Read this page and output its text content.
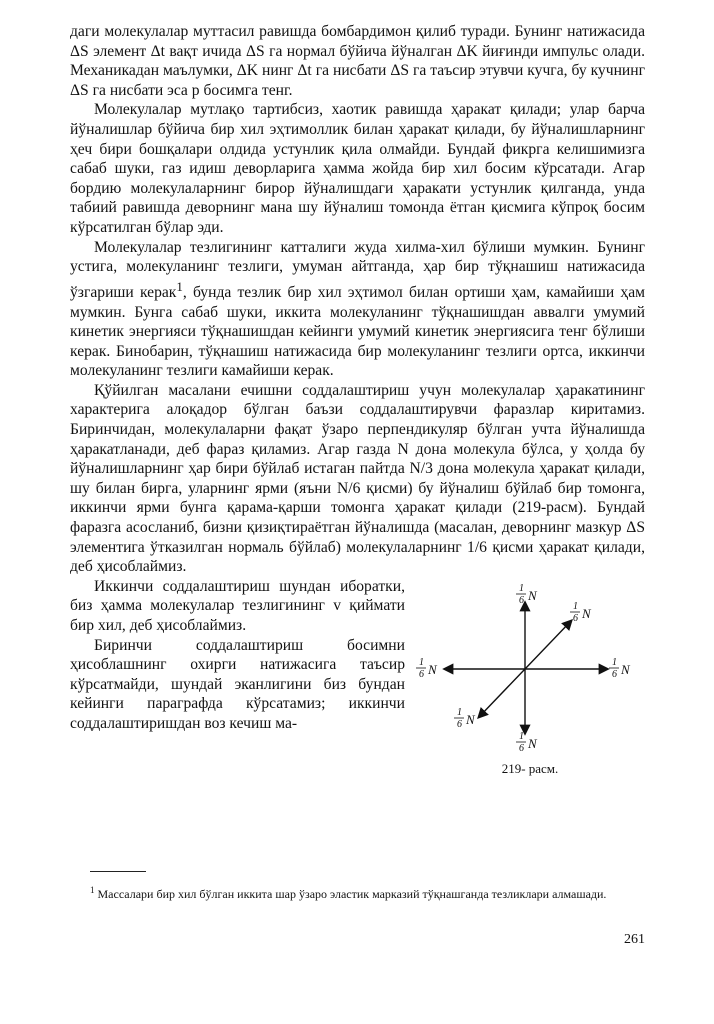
даги молекулалар муттасил равишда бомбардимон қилиб туради. Бунинг натижасида ΔS элемент Δt вақт ичида ΔS га нормал бўйича йўналган ΔK йиғинди импульс олади. Механикадан маълумки, ΔK нинг Δt га нисбати ΔS га таъсир этувчи кучга, бу кучнинг ΔS га нисбати эса p босимга тенг.

Молекулалар мутлақо тартибсиз, хаотик равишда ҳаракат қилади; улар барча йўналишлар бўйича бир хил эҳтимоллик билан ҳаракат қилади, бу йўналишларнинг ҳеч бири бошқалари олдида устунлик қила олмайди. Бундай фикрга келишимизга сабаб шуки, газ идиш деворларига ҳамма жойда бир хил босим кўрсатади. Агар бордию молекулаларнинг бирор йўналишдаги ҳаракати устунлик қилганда, унда табиий равишда деворнинг мана шу йўналиш томонда ётган қисмига кўпроқ босим кўрсатилган бўлар эди.

Молекулалар тезлигининг катталиги жуда хилма-хил бўлиши мумкин. Бунинг устига, молекуланинг тезлиги, умуман айтганда, ҳар бир тўқнашиш натижасида ўзгариши керак$^1$, бунда тезлик бир хил эҳтимол билан ортиши ҳам, камайиши ҳам мумкин. Бунга сабаб шуки, иккита молекуланинг тўқнашишдан аввалги умумий кинетик энергияси тўқнашишдан кейинги умумий кинетик энергиясига тенг бўлиши керак. Бинобарин, тўқнашиш натижасида бир молекуланинг тезлиги ортса, иккинчи молекуланинг тезлиги камайиши керак.

Қўйилган масалани ечишни соддалаштириш учун молекулалар ҳаракатининг характерига алоқадор бўлган баъзи соддалаштирувчи фаразлар киритамиз. Биринчидан, молекулаларни фақат ўзаро перпендикуляр бўлган учта йўналишда ҳаракатланади, деб фараз қиламиз. Агар газда N дона молекула бўлса, у ҳолда бу йўналишларнинг ҳар бири бўйлаб истаган пайтда N/3 дона молекула ҳаракат қилади, шу билан бирга, уларнинг ярми (яъни N/6 қисми) бу йўналиш бўйлаб бир томонга, иккинчи ярми бунга қарама-қарши томонга ҳаракат қилади (219-расм). Бундай фаразга асосланиб, бизни қизиқтираётган йўналишда (масалан, деворнинг мазкур ΔS элементига ўтказилган нормаль бўйлаб) молекулаларнинг 1/6 қисми ҳаракат қилади, деб ҳисоблаймиз.

1
6 N
1
6 N
1
6 N	1
6 N
1
6 N
1
6 N
219- расм.

Иккинчи соддалаштириш шундан иборатки, биз ҳамма молекулалар тезлигининг v қиймати бир хил, деб ҳисоблаймиз.

Биринчи соддалаштириш босимни ҳисоблашнинг охирги натижасига таъсир кўрсатмайди, шундай эканлигини биз бундан кейинги параграфда кўрсатамиз; иккинчи соддалаштиришдан воз кечиш ма-

$^1$ Массалари бир хил бўлган иккита шар ўзаро эластик марказий тўқнашганда тезликлари алмашади.
261
